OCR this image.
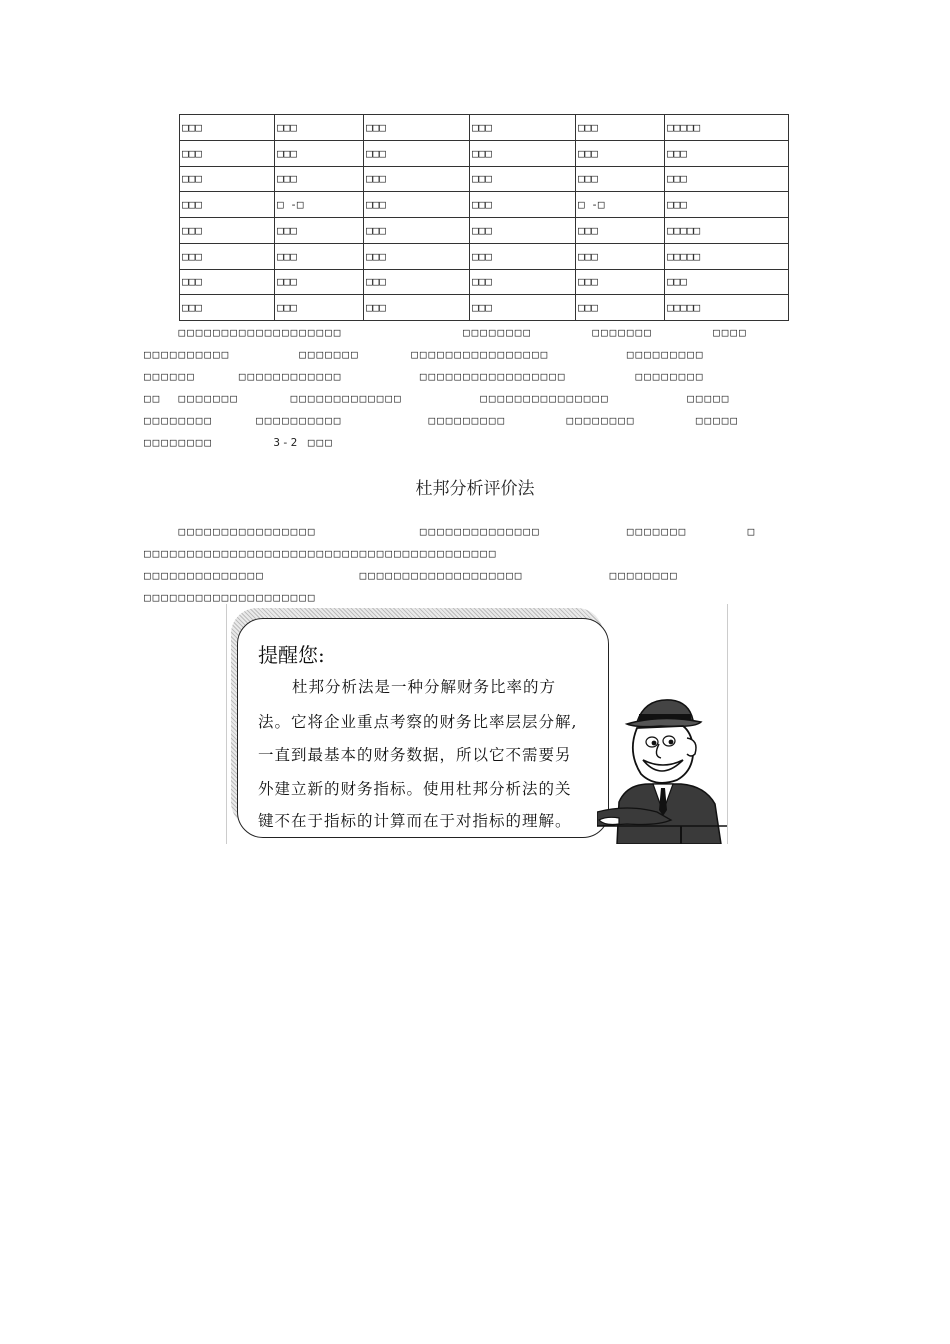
□□□	□□□	□□□	□□□	□□□	□□□□□
□□□	□□□	□□□	□□□	□□□	□□□
□□□	□□□	□□□	□□□	□□□	□□□
□□□	□ -□	□□□	□□□	□ -□	□□□
□□□	□□□	□□□	□□□	□□□	□□□□□
□□□	□□□	□□□	□□□	□□□	□□□□□
□□□	□□□	□□□	□□□	□□□	□□□
□□□	□□□	□□□	□□□	□□□	□□□□□
□□□□□□□□□□□□□□□□□□□              □□□□□□□□       □□□□□□□       □□□□
□□□□□□□□□□        □□□□□□□      □□□□□□□□□□□□□□□□         □□□□□□□□□
□□□□□□     □□□□□□□□□□□□         □□□□□□□□□□□□□□□□□        □□□□□□□□
□□  □□□□□□□      □□□□□□□□□□□□□         □□□□□□□□□□□□□□□         □□□□□
□□□□□□□□     □□□□□□□□□□          □□□□□□□□□       □□□□□□□□       □□□□□
□□□□□□□□       3-2 □□□
杜邦分析评价法
□□□□□□□□□□□□□□□□            □□□□□□□□□□□□□□          □□□□□□□       □
□□□□□□□□□□□□□□□□□□□□□□□□□□□□□□□□□□□□□□□□□
□□□□□□□□□□□□□□           □□□□□□□□□□□□□□□□□□□          □□□□□□□□
□□□□□□□□□□□□□□□□□□□□
提醒您:
杜邦分析法是一种分解财务比率的方
法。它将企业重点考察的财务比率层层分解,
一直到最基本的财务数据，所以它不需要另
外建立新的财务指标。使用杜邦分析法的关
键不在于指标的计算而在于对指标的理解。
